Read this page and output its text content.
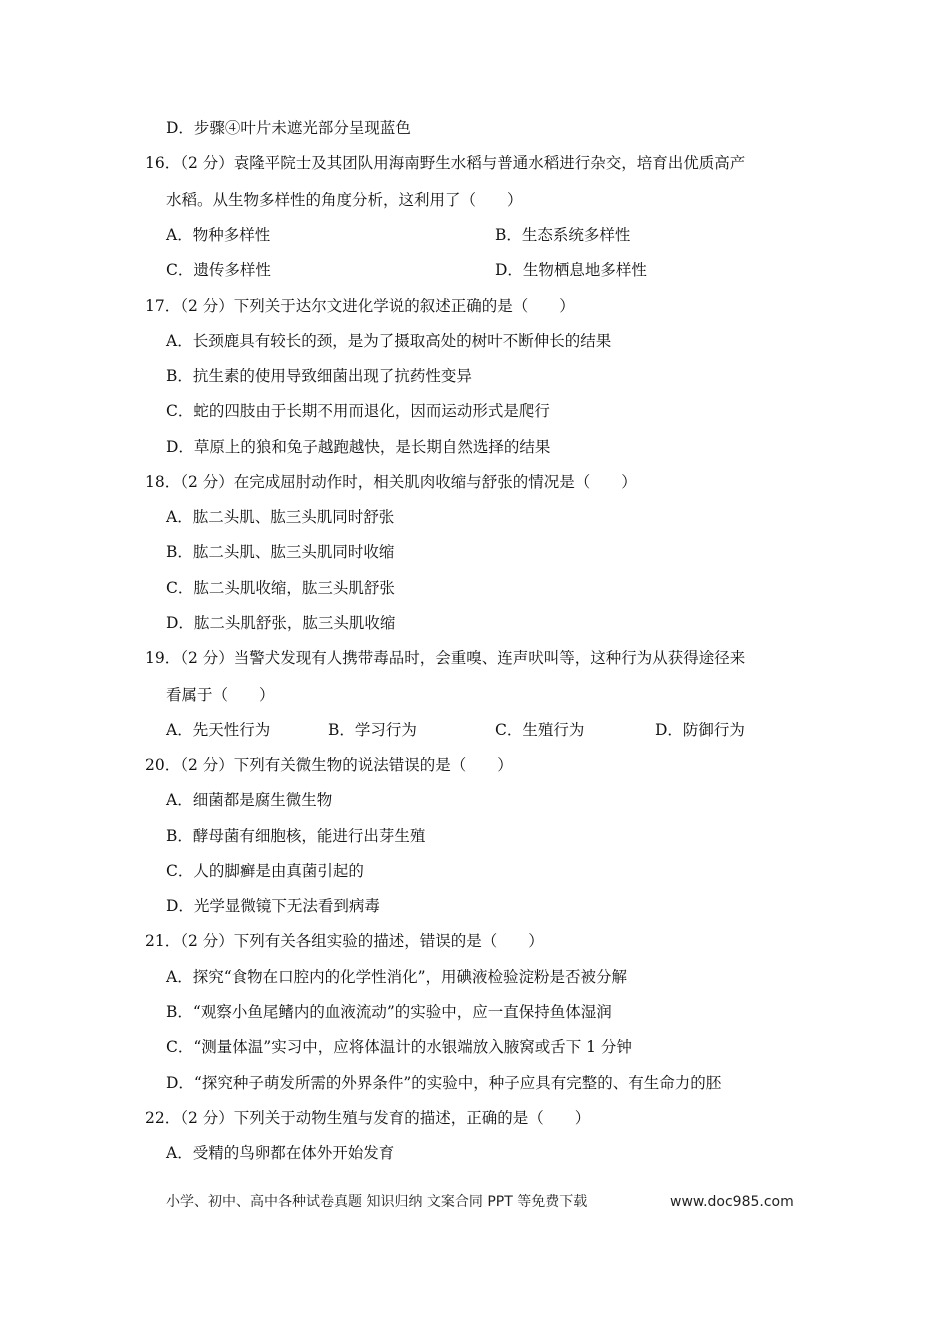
D．步骤④叶片未遮光部分呈现蓝色
16．（2 分）袁隆平院士及其团队用海南野生水稻与普通水稻进行杂交，培育出优质高产
水稻。从生物多样性的角度分析，这利用了（　　）
A．物种多样性	B．生态系统多样性
C．遗传多样性	D．生物栖息地多样性
17．（2 分）下列关于达尔文进化学说的叙述正确的是（　　）
A．长颈鹿具有较长的颈，是为了摄取高处的树叶不断伸长的结果
B．抗生素的使用导致细菌出现了抗药性变异
C．蛇的四肢由于长期不用而退化，因而运动形式是爬行
D．草原上的狼和兔子越跑越快，是长期自然选择的结果
18．（2 分）在完成屈肘动作时，相关肌肉收缩与舒张的情况是（　　）
A．肱二头肌、肱三头肌同时舒张
B．肱二头肌、肱三头肌同时收缩
C．肱二头肌收缩，肱三头肌舒张
D．肱二头肌舒张，肱三头肌收缩
19．（2 分）当警犬发现有人携带毒品时，会重嗅、连声吠叫等，这种行为从获得途径来
看属于（　　）
A．先天性行为	B．学习行为	C．生殖行为	D．防御行为
20．（2 分）下列有关微生物的说法错误的是（　　）
A．细菌都是腐生微生物
B．酵母菌有细胞核，能进行出芽生殖
C．人的脚癣是由真菌引起的
D．光学显微镜下无法看到病毒
21．（2 分）下列有关各组实验的描述，错误的是（　　）
A．探究“食物在口腔内的化学性消化”，用碘液检验淀粉是否被分解
B．“观察小鱼尾鳍内的血液流动”的实验中，应一直保持鱼体湿润
C．“测量体温”实习中，应将体温计的水银端放入腋窝或舌下 1 分钟
D．“探究种子萌发所需的外界条件”的实验中，种子应具有完整的、有生命力的胚
22．（2 分）下列关于动物生殖与发育的描述，正确的是（　　）
A．受精的鸟卵都在体外开始发育
小学、初中、高中各种试卷真题 知识归纳 文案合同 PPT 等免费下载	www.doc985.com
